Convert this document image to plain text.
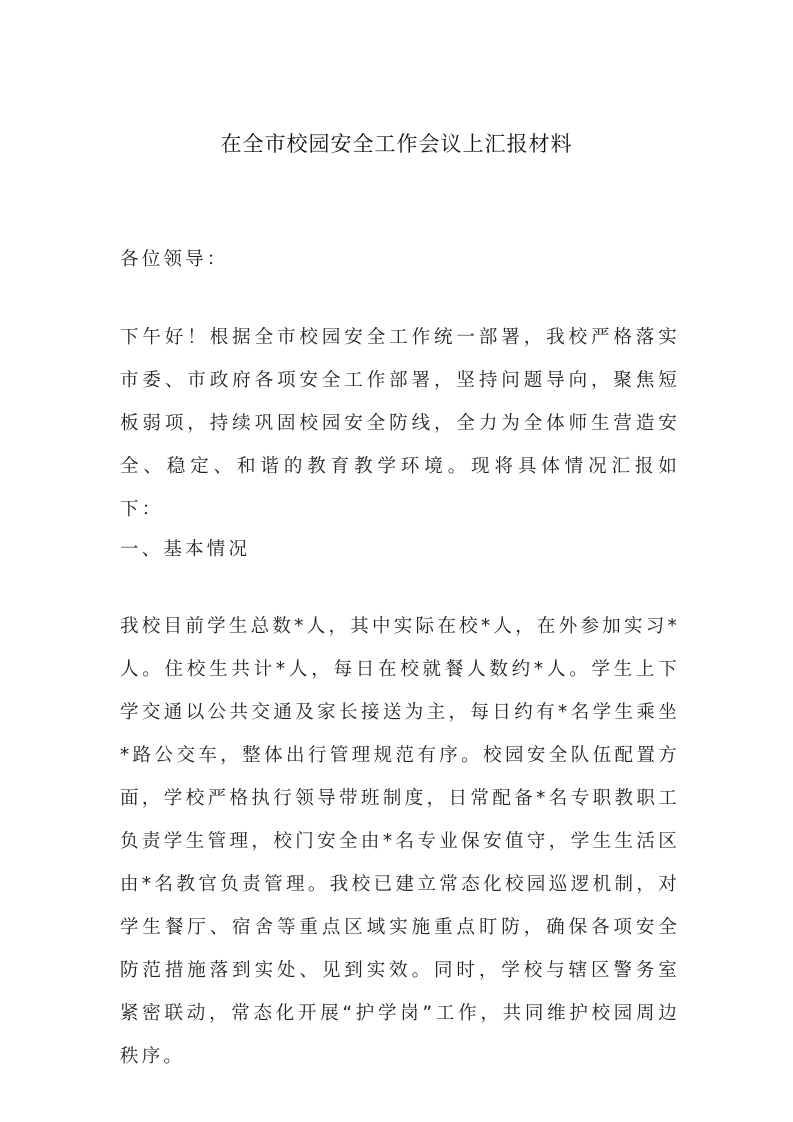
在全市校园安全工作会议上汇报材料

各位领导：

下午好！根据全市校园安全工作统一部署，我校严格落实市委、市政府各项安全工作部署，坚持问题导向，聚焦短板弱项，持续巩固校园安全防线，全力为全体师生营造安全、稳定、和谐的教育教学环境。现将具体情况汇报如下：

一、基本情况

我校目前学生总数*人，其中实际在校*人，在外参加实习*人。住校生共计*人，每日在校就餐人数约*人。学生上下学交通以公共交通及家长接送为主，每日约有*名学生乘坐*路公交车，整体出行管理规范有序。校园安全队伍配置方面，学校严格执行领导带班制度，日常配备*名专职教职工负责学生管理，校门安全由*名专业保安值守，学生生活区由*名教官负责管理。我校已建立常态化校园巡逻机制，对学生餐厅、宿舍等重点区域实施重点盯防，确保各项安全防范措施落到实处、见到实效。同时，学校与辖区警务室紧密联动，常态化开展“护学岗”工作，共同维护校园周边秩序。
